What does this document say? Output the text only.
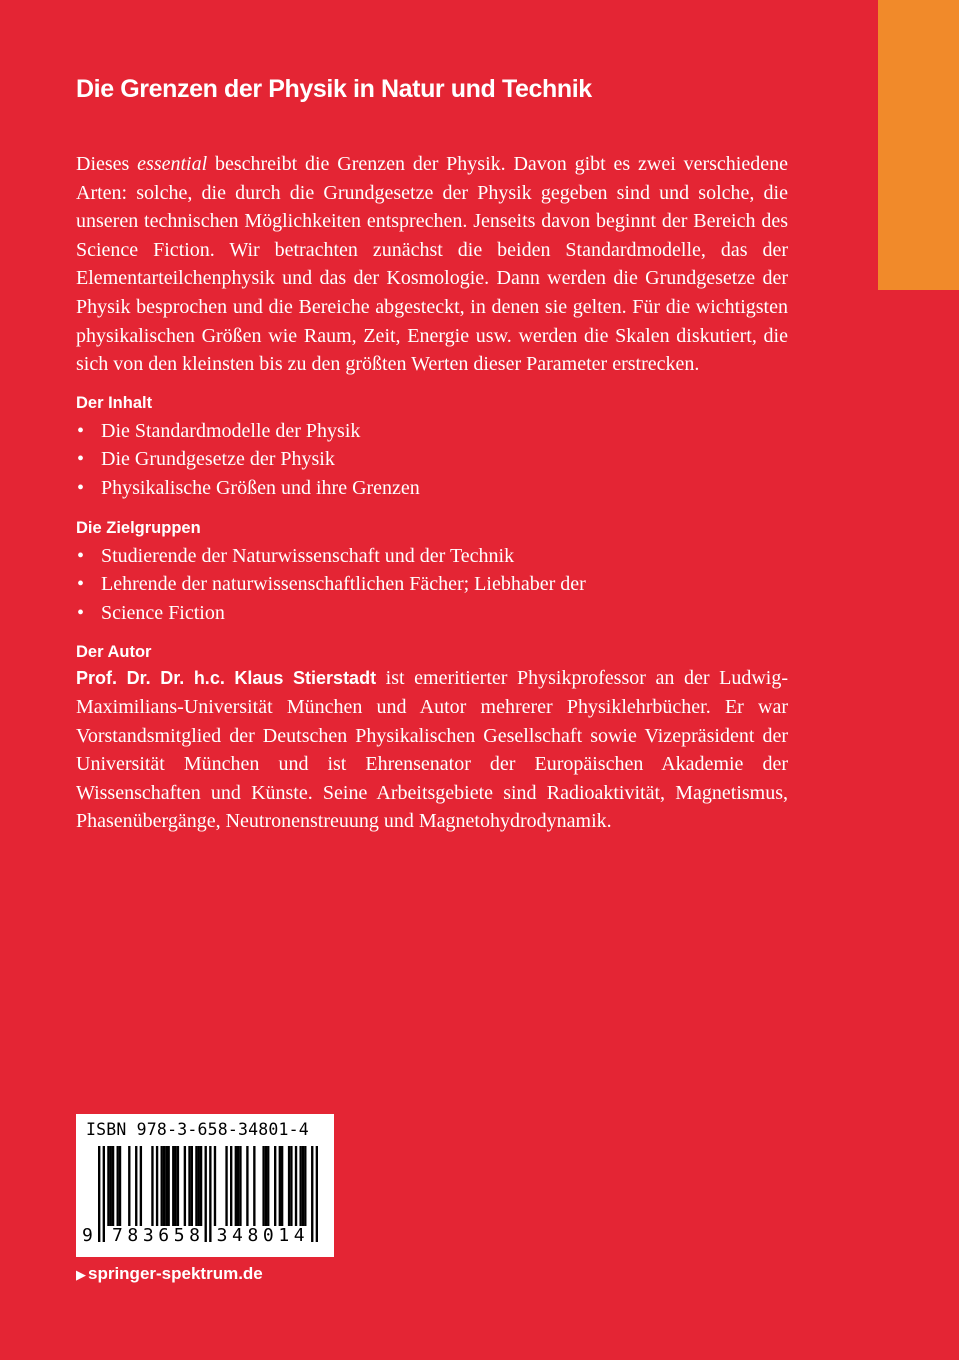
Die Grenzen der Physik in Natur und Technik

Dieses essential beschreibt die Grenzen der Physik. Davon gibt es zwei verschiedene Arten: solche, die durch die Grundgesetze der Physik gegeben sind und solche, die unseren technischen Möglichkeiten entsprechen. Jenseits davon beginnt der Bereich des Science Fiction. Wir betrachten zunächst die beiden Standardmodelle, das der Elementarteilchenphysik und das der Kosmologie. Dann werden die Grundgesetze der Physik besprochen und die Bereiche abgesteckt, in denen sie gelten. Für die wichtigsten physikalischen Größen wie Raum, Zeit, Energie usw. werden die Skalen diskutiert, die sich von den kleinsten bis zu den größten Werten dieser Parameter erstrecken.

Der Inhalt
• Die Standardmodelle der Physik
• Die Grundgesetze der Physik
• Physikalische Größen und ihre Grenzen
Die Zielgruppen
• Studierende der Naturwissenschaft und der Technik
• Lehrende der naturwissenschaftlichen Fächer; Liebhaber der
• Science Fiction
Der Autor

Prof. Dr. Dr. h.c. Klaus Stierstadt ist emeritierter Physikprofessor an der Ludwig-Maximilians-Universität München und Autor mehrerer Physiklehrbücher. Er war Vorstandsmitglied der Deutschen Physikalischen Gesellschaft sowie Vizepräsident der Universität München und ist Ehrensenator der Europäischen Akademie der Wissenschaften und Künste. Seine Arbeitsgebiete sind Radioaktivität, Magnetismus, Phasenübergänge, Neutronenstreuung und Magnetohydrodynamik.

ISBN 978-3-658-34801-4
9 783658 348014
▶ springer-spektrum.de
